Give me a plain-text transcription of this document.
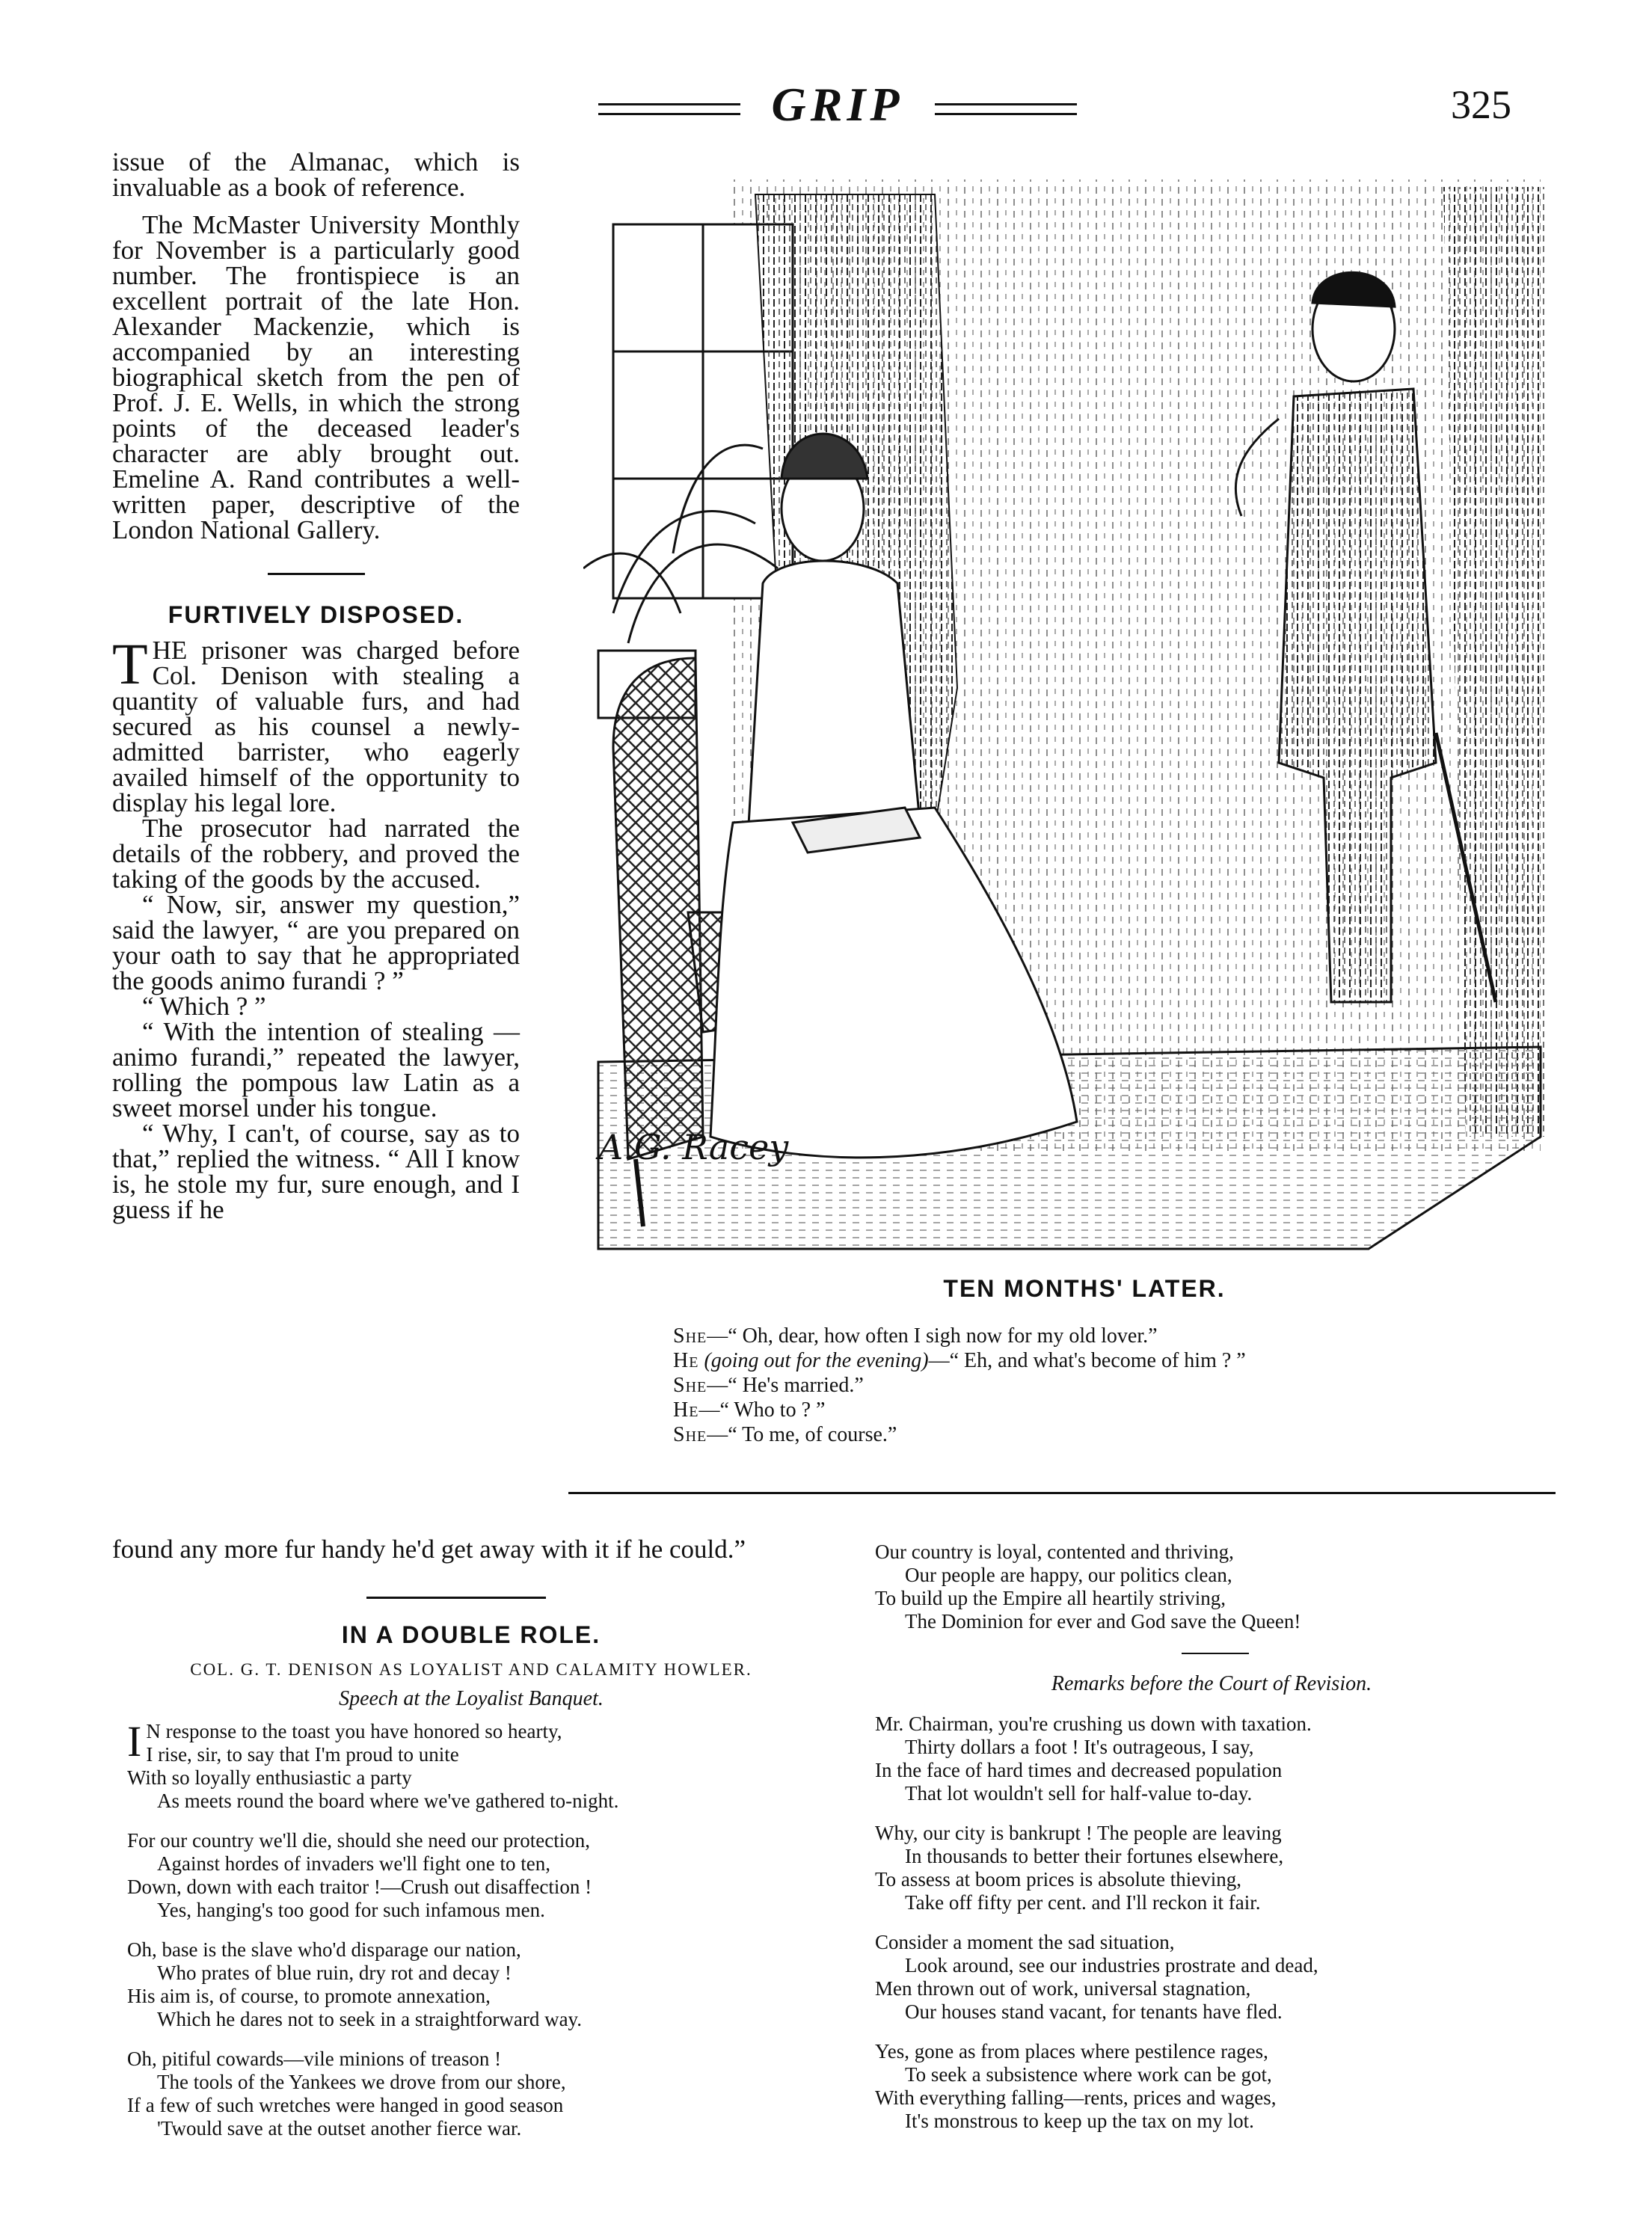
GRIP	325

issue of the Almanac, which is invaluable as a book of reference.

The McMaster University Monthly for November is a particularly good number. The frontispiece is an excellent portrait of the late Hon. Alexander Mackenzie, which is accompanied by an interesting biographical sketch from the pen of Prof. J. E. Wells, in which the strong points of the deceased leader's character are ably brought out. Emeline A. Rand contributes a well-written paper, descriptive of the London National Gallery.

FURTIVELY DISPOSED.

THE prisoner was charged before Col. Denison with stealing a quantity of valuable furs, and had secured as his counsel a newly-admitted barrister, who eagerly availed himself of the opportunity to display his legal lore.

The prosecutor had narrated the details of the robbery, and proved the taking of the goods by the accused.

“ Now, sir, answer my question,” said the lawyer, “ are you prepared on your oath to say that he appropriated the goods animo furandi ? ”

“ Which ? ”

“ With the intention of stealing —animo furandi,” repeated the lawyer, rolling the pompous law Latin as a sweet morsel under his tongue.

“ Why, I can't, of course, say as to that,” replied the witness. “ All I know is, he stole my fur, sure enough, and I guess if he

found any more fur handy he'd get away with it if he could.”
A.G. Racey
TEN MONTHS' LATER.

She—“ Oh, dear, how often I sigh now for my old lover.”

He (going out for the evening)—“ Eh, and what's become of him ? ”

She—“ He's married.”

He—“ Who to ? ”

She—“ To me, of course.”

IN A DOUBLE ROLE.
COL. G. T. DENISON AS LOYALIST AND CALAMITY HOWLER.
Speech at the Loyalist Banquet.
I N response to the toast you have honored so hearty,
I rise, sir, to say that I'm proud to unite
With so loyally enthusiastic a party
As meets round the board where we've gathered to-night.
For our country we'll die, should she need our protection,
Against hordes of invaders we'll fight one to ten,
Down, down with each traitor !—Crush out disaffection !
Yes, hanging's too good for such infamous men.
Oh, base is the slave who'd disparage our nation,
Who prates of blue ruin, dry rot and decay !
His aim is, of course, to promote annexation,
Which he dares not to seek in a straightforward way.
Oh, pitiful cowards—vile minions of treason !
The tools of the Yankees we drove from our shore,
If a few of such wretches were hanged in good season
'Twould save at the outset another fierce war.
Our country is loyal, contented and thriving,
Our people are happy, our politics clean,
To build up the Empire all heartily striving,
The Dominion for ever and God save the Queen!
Remarks before the Court of Revision.
Mr. Chairman, you're crushing us down with taxation.
Thirty dollars a foot ! It's outrageous, I say,
In the face of hard times and decreased population
That lot wouldn't sell for half-value to-day.
Why, our city is bankrupt ! The people are leaving
In thousands to better their fortunes elsewhere,
To assess at boom prices is absolute thieving,
Take off fifty per cent. and I'll reckon it fair.
Consider a moment the sad situation,
Look around, see our industries prostrate and dead,
Men thrown out of work, universal stagnation,
Our houses stand vacant, for tenants have fled.
Yes, gone as from places where pestilence rages,
To seek a subsistence where work can be got,
With everything falling—rents, prices and wages,
It's monstrous to keep up the tax on my lot.
